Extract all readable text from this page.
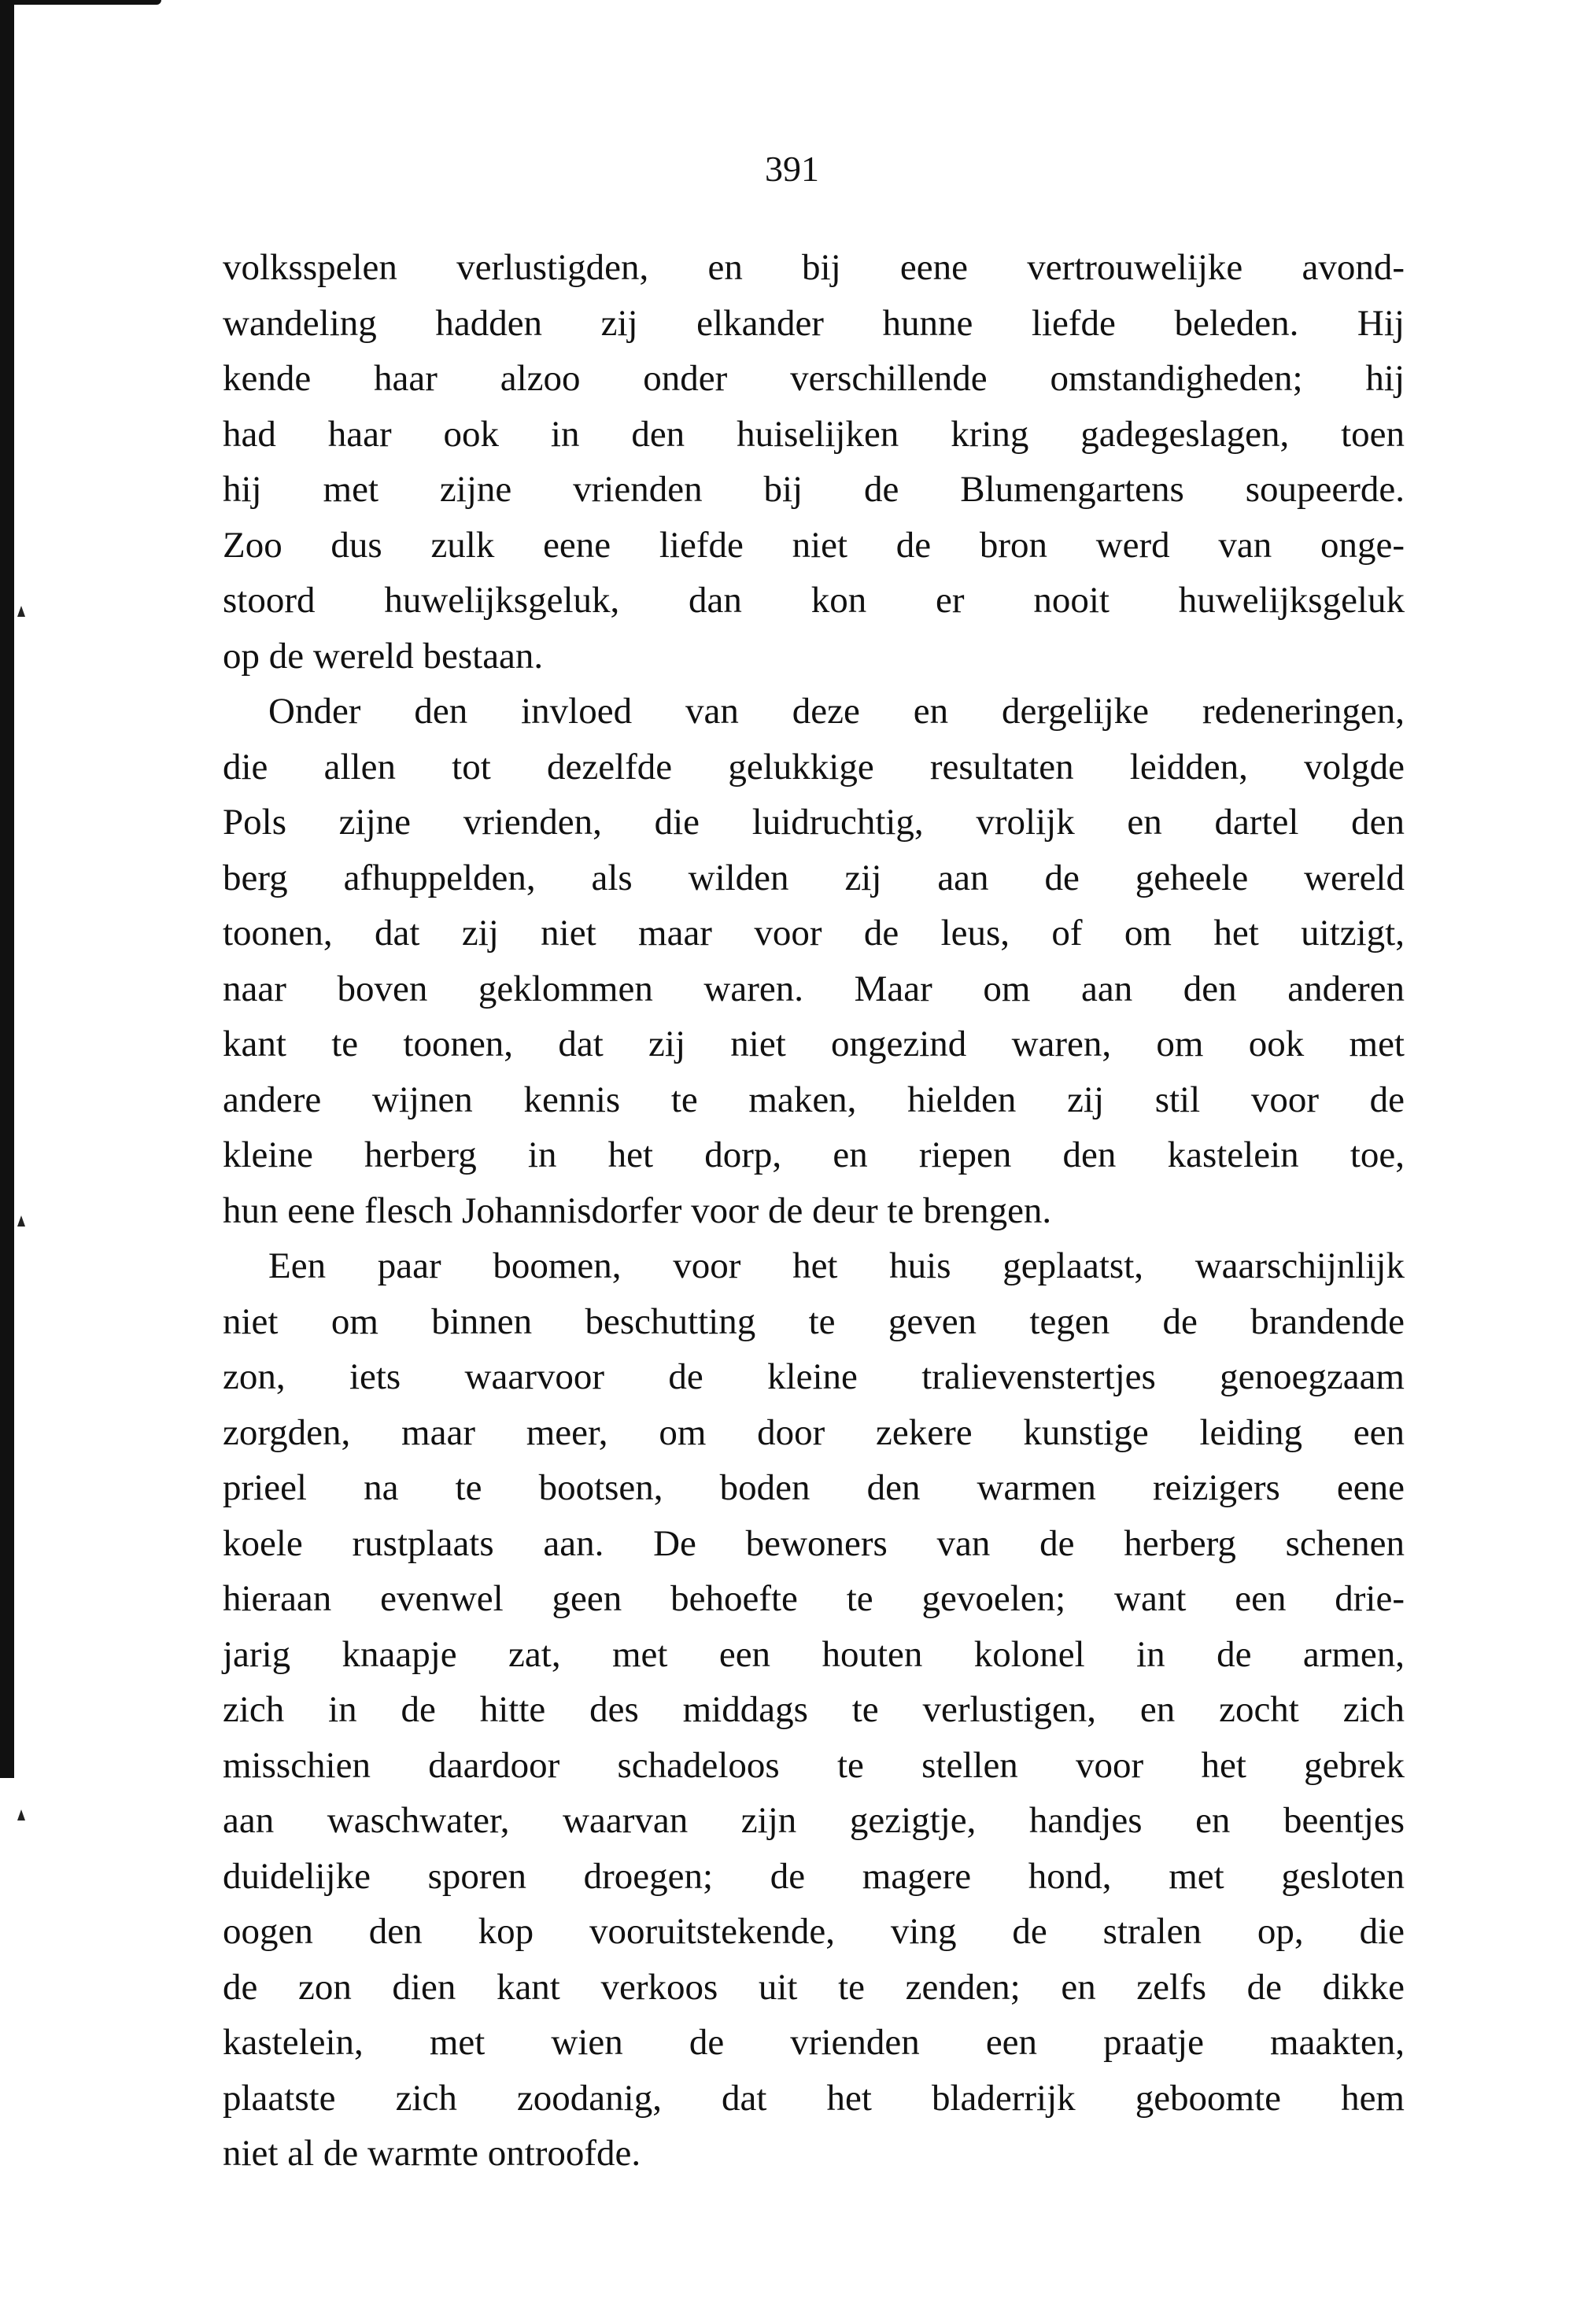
391
volksspelen verlustigden, en bij eene vertrouwelijke avond-
wandeling hadden zij elkander hunne liefde beleden. Hij
kende haar alzoo onder verschillende omstandigheden; hij
had haar ook in den huiselijken kring gadegeslagen, toen
hij met zijne vrienden bij de Blumengartens soupeerde.
Zoo dus zulk eene liefde niet de bron werd van onge-
stoord huwelijksgeluk, dan kon er nooit huwelijksgeluk
op de wereld bestaan.
Onder den invloed van deze en dergelijke redeneringen,
die allen tot dezelfde gelukkige resultaten leidden, volgde
Pols zijne vrienden, die luidruchtig, vrolijk en dartel den
berg afhuppelden, als wilden zij aan de geheele wereld
toonen, dat zij niet maar voor de leus, of om het uitzigt,
naar boven geklommen waren. Maar om aan den anderen
kant te toonen, dat zij niet ongezind waren, om ook met
andere wijnen kennis te maken, hielden zij stil voor de
kleine herberg in het dorp, en riepen den kastelein toe,
hun eene flesch Johannisdorfer voor de deur te brengen.
Een paar boomen, voor het huis geplaatst, waarschijnlijk
niet om binnen beschutting te geven tegen de brandende
zon, iets waarvoor de kleine tralievenstertjes genoegzaam
zorgden, maar meer, om door zekere kunstige leiding een
prieel na te bootsen, boden den warmen reizigers eene
koele rustplaats aan. De bewoners van de herberg schenen
hieraan evenwel geen behoefte te gevoelen; want een drie-
jarig knaapje zat, met een houten kolonel in de armen,
zich in de hitte des middags te verlustigen, en zocht zich
misschien daardoor schadeloos te stellen voor het gebrek
aan waschwater, waarvan zijn gezigtje, handjes en beentjes
duidelijke sporen droegen; de magere hond, met gesloten
oogen den kop vooruitstekende, ving de stralen op, die
de zon dien kant verkoos uit te zenden; en zelfs de dikke
kastelein, met wien de vrienden een praatje maakten,
plaatste zich zoodanig, dat het bladerrijk geboomte hem
niet al de warmte ontroofde.
